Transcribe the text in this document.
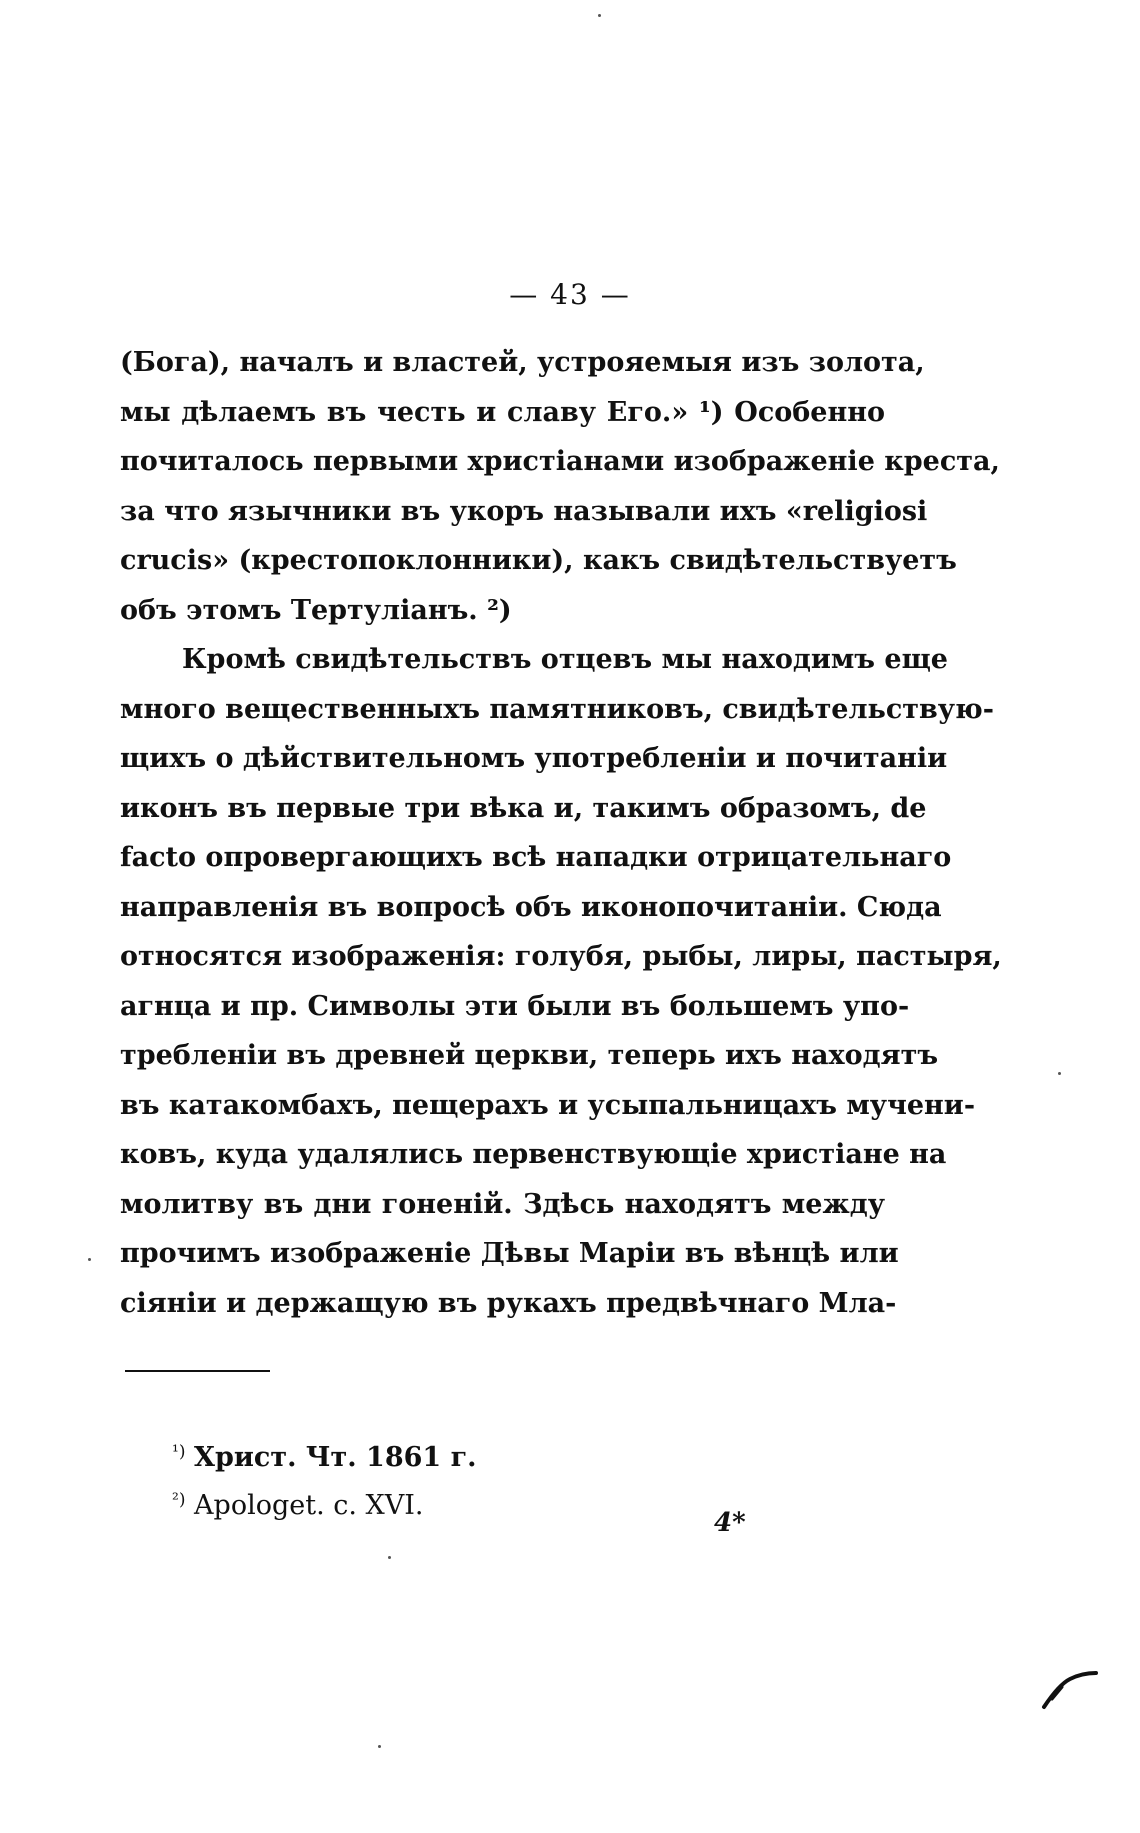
— 43 —
(Бога), началъ и властей, устрояемыя изъ золота,
мы дѣлаемъ въ честь и славу Его.» ¹) Особенно
почиталось первыми христіанами изображеніе креста,
за что язычники въ укоръ называли ихъ «religiosi
crucis» (крестопоклонники), какъ свидѣтельствуетъ
объ этомъ Тертуліанъ. ²)
Кромѣ свидѣтельствъ отцевъ мы находимъ еще
много вещественныхъ памятниковъ, свидѣтельствую-
щихъ о дѣйствительномъ употребленіи и почитаніи
иконъ въ первые три вѣка и, такимъ образомъ, de
facto опровергающихъ всѣ нападки отрицательнаго
направленія въ вопросѣ объ иконопочитаніи. Сюда
относятся изображенія: голубя, рыбы, лиры, пастыря,
агнца и пр. Символы эти были въ большемъ упо-
требленіи въ древней церкви, теперь ихъ находятъ
въ катакомбахъ, пещерахъ и усыпальницахъ мучени-
ковъ, куда удалялись первенствующіе христіане на
молитву въ дни гоненій. Здѣсь находятъ между
прочимъ изображеніе Дѣвы Маріи въ вѣнцѣ или
сіяніи и держащую въ рукахъ предвѣчнаго Мла-
$^{^1)}$ Христ. Чт. 1861 г.
$^{^2)}$ Apologet. c. XVI.
4*
